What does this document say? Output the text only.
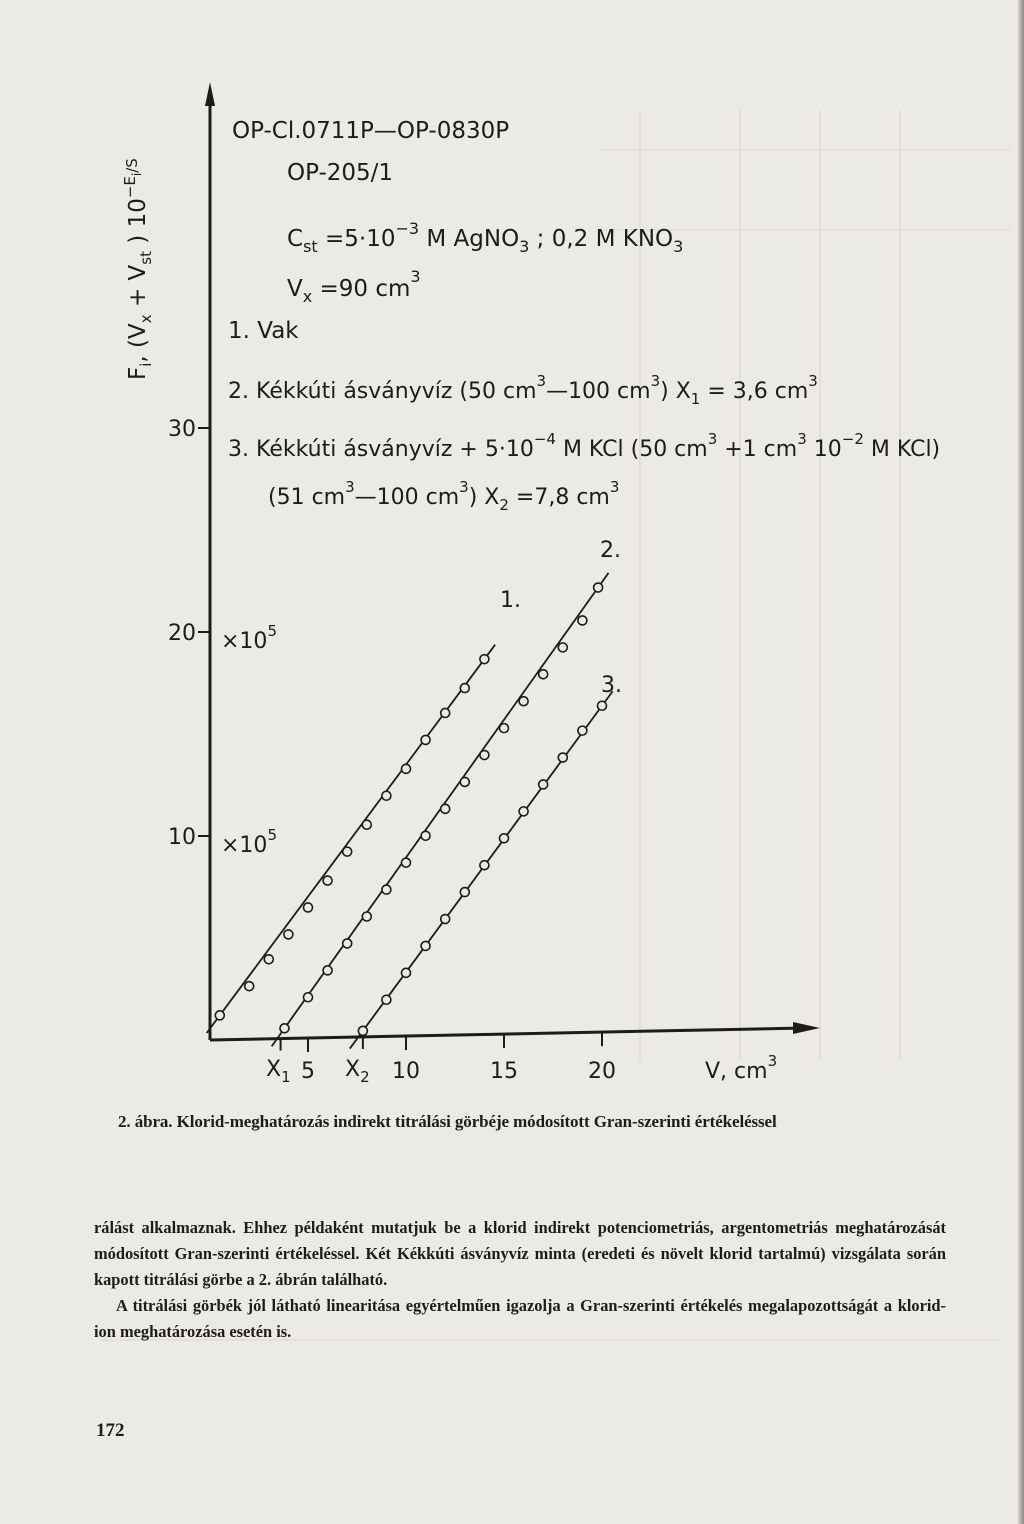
5	10	15	20
10
20
30
$F_i$, ($V_x + V_{st}$ ) $10^{-E}_i/S$
OP-Cl.0711P—OP-0830P
OP-205/1
$C_{st} =5\cdot 10^{-3}$ M AgNO$_3$ ; 0,2 M $KNO_3$
$V_x =90$ $cm^3$
1. Vak
2. Kékkúti ásványvíz (50 $cm^3—100$ $cm^3$) $X_1 = 3,6$ $cm^3$
3. Kékkúti ásványvíz + $5\cdot 10^{-4}$ M KCl (50 $cm^3 +1$ $cm^3$ $10^{-2}$ M KCl)
(51 $cm^3—100$ $cm^3$) $X_2 =7,8$ $cm^3$
$\times 10^5$
$\times 10^5$
V, $cm^3$
$X_1$ $X_2$
1.
2.
3.
2. ábra. Klorid-meghatározás indirekt titrálási görbéje módosított Gran-szerinti értékeléssel

rálást alkalmaznak. Ehhez példaként mutatjuk be a klorid indirekt potenciometriás, argentometriás meghatározását módosított Gran-szerinti értékeléssel. Két Kékkúti ásványvíz minta (eredeti és növelt klorid tartalmú) vizsgálata során kapott titrálási görbe a 2. ábrán található.

A titrálási görbék jól látható linearitása egyértelműen igazolja a Gran-szerinti értékelés megalapozottságát a klorid-ion meghatározása esetén is.

172
